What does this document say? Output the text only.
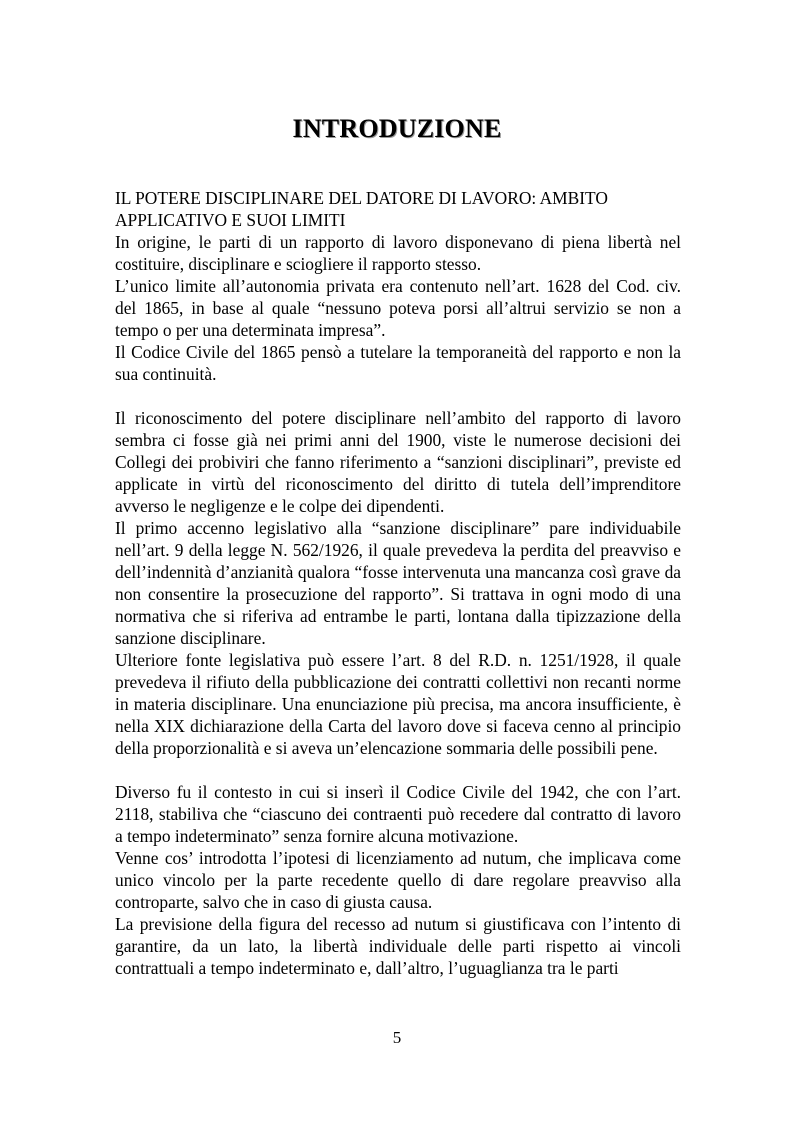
INTRODUZIONE
IL POTERE DISCIPLINARE DEL DATORE DI LAVORO: AMBITO
APPLICATIVO E SUOI LIMITI

In origine, le parti di un rapporto di lavoro disponevano di piena libertà nel costituire, disciplinare e sciogliere il rapporto stesso.

L’unico limite all’autonomia privata era contenuto nell’art. 1628 del Cod. civ. del 1865, in base al quale “nessuno poteva porsi all’altrui servizio se non a tempo o per una determinata impresa”.

Il Codice Civile del 1865 pensò a tutelare la temporaneità del rapporto e non la sua continuità.

Il riconoscimento del potere disciplinare nell’ambito del rapporto di lavoro sembra ci fosse già nei primi anni del 1900, viste le numerose decisioni dei Collegi dei probiviri che fanno riferimento a “sanzioni disciplinari”, previste ed applicate in virtù del riconoscimento del diritto di tutela dell’imprenditore avverso le negligenze e le colpe dei dipendenti.

Il primo accenno legislativo alla “sanzione disciplinare” pare individuabile nell’art. 9 della legge N. 562/1926, il quale prevedeva la perdita del preavviso e dell’indennità d’anzianità qualora “fosse intervenuta una mancanza così grave da non consentire la prosecuzione del rapporto”. Si trattava in ogni modo di una normativa che si riferiva ad entrambe le parti, lontana dalla tipizzazione della sanzione disciplinare.

Ulteriore fonte legislativa può essere l’art. 8 del R.D. n. 1251/1928, il quale prevedeva il rifiuto della pubblicazione dei contratti collettivi non recanti norme in materia disciplinare. Una enunciazione più precisa, ma ancora insufficiente, è nella XIX dichiarazione della Carta del lavoro dove si faceva cenno al principio della proporzionalità e si aveva un’elencazione sommaria delle possibili pene.

Diverso fu il contesto in cui si inserì il Codice Civile del 1942, che con l’art. 2118, stabiliva che “ciascuno dei contraenti può recedere dal contratto di lavoro a tempo indeterminato” senza fornire alcuna motivazione.

Venne cos’ introdotta l’ipotesi di licenziamento ad nutum, che implicava come unico vincolo per la parte recedente quello di dare regolare preavviso alla controparte, salvo che in caso di giusta causa.

La previsione della figura del recesso ad nutum si giustificava con l’intento di garantire, da un lato, la libertà individuale delle parti rispetto ai vincoli contrattuali a tempo indeterminato e, dall’altro, l’uguaglianza tra le parti

5
